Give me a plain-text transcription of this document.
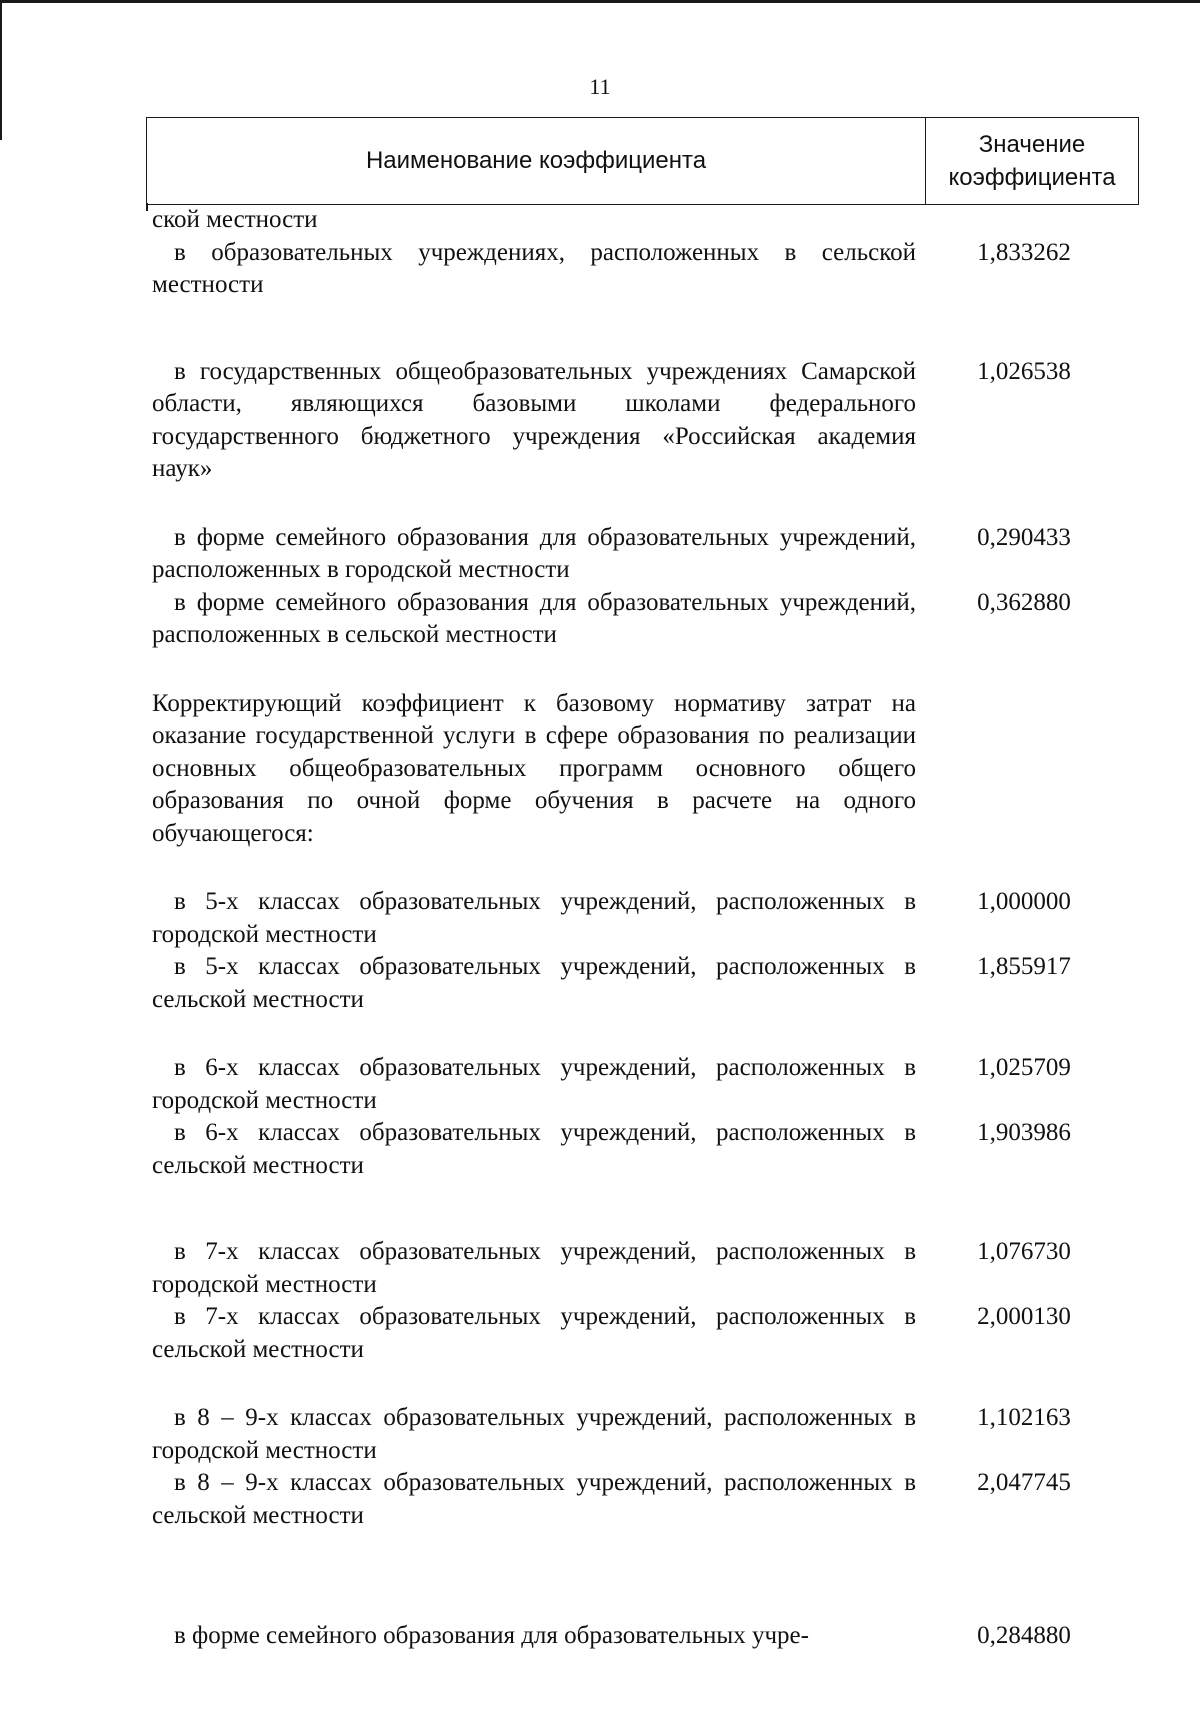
11
Наименование коэффициента
Значение
коэффициента
ской местности
в образовательных учреждениях, расположенных в сельской местности
1,833262
в государственных общеобразовательных учреждениях Самарской области, являющихся базовыми школами федерального государственного бюджетного учреждения «Российская академия наук»
1,026538
в форме семейного образования для образовательных учреждений, расположенных в городской местности
0,290433
в форме семейного образования для образовательных учреждений, расположенных в сельской местности
0,362880
Корректирующий коэффициент к базовому нормативу затрат на оказание государственной услуги в сфере образования по реализации основных общеобразовательных программ основного общего образования по очной форме обучения в расчете на одного обучающегося:
в 5-х классах образовательных учреждений, расположенных в городской местности
1,000000
в 5-х классах образовательных учреждений, расположенных в сельской местности
1,855917
в 6-х классах образовательных учреждений, расположенных в городской местности
1,025709
в 6-х классах образовательных учреждений, расположенных в сельской местности
1,903986
в 7-х классах образовательных учреждений, расположенных в городской местности
1,076730
в 7-х классах образовательных учреждений, расположенных в сельской местности
2,000130
в 8 – 9-х классах образовательных учреждений, расположенных в городской местности
1,102163
в 8 – 9-х классах образовательных учреждений, расположенных в сельской местности
2,047745
в форме семейного образования для образовательных учре-	0,284880
